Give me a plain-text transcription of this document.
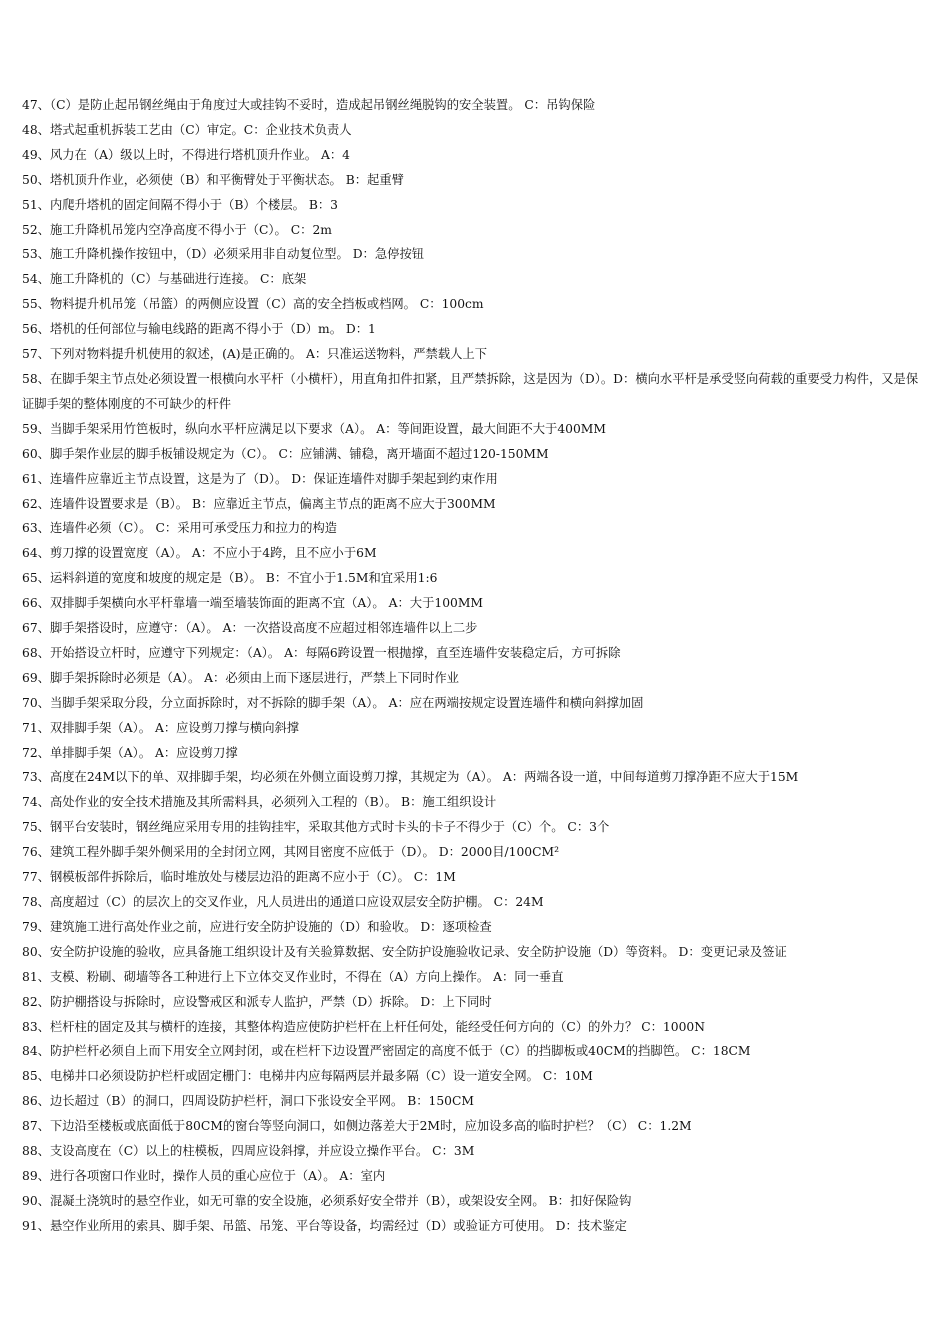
47、（C）是防止起吊钢丝绳由于角度过大或挂钩不妥时，造成起吊钢丝绳脱钩的安全装置。 C：吊钩保险

48、塔式起重机拆装工艺由（C）审定。C：企业技术负责人

49、风力在（A）级以上时，不得进行塔机顶升作业。 A：4

50、塔机顶升作业，必须使（B）和平衡臂处于平衡状态。 B：起重臂

51、内爬升塔机的固定间隔不得小于（B）个楼层。 B：3

52、施工升降机吊笼内空净高度不得小于（C）。 C：2m

53、施工升降机操作按钮中，（D）必须采用非自动复位型。 D：急停按钮

54、施工升降机的（C）与基础进行连接。 C：底架

55、物料提升机吊笼（吊篮）的两侧应设置（C）高的安全挡板或档网。 C：100cm

56、塔机的任何部位与输电线路的距离不得小于（D）m。 D：1

57、下列对物料提升机使用的叙述，(A)是正确的。 A：只准运送物料，严禁载人上下

58、在脚手架主节点处必须设置一根横向水平杆（小横杆），用直角扣件扣紧，且严禁拆除，这是因为（D）。D：横向水平杆是承受竖向荷载的重要受力构件，又是保证脚手架的整体刚度的不可缺少的杆件

59、当脚手架采用竹笆板时，纵向水平杆应满足以下要求（A）。 A：等间距设置，最大间距不大于400MM

60、脚手架作业层的脚手板铺设规定为（C）。 C：应铺满、铺稳，离开墙面不超过120-150MM

61、连墙件应靠近主节点设置，这是为了（D）。 D：保证连墙件对脚手架起到约束作用

62、连墙件设置要求是（B）。 B：应靠近主节点，偏离主节点的距离不应大于300MM

63、连墙件必须（C）。 C：采用可承受压力和拉力的构造

64、剪刀撑的设置宽度（A）。 A：不应小于4跨，且不应小于6M

65、运料斜道的宽度和坡度的规定是（B）。 B：不宜小于1.5M和宜采用1:6

66、双排脚手架横向水平杆靠墙一端至墙装饰面的距离不宜（A）。 A：大于100MM

67、脚手架搭设时，应遵守：（A）。 A：一次搭设高度不应超过相邻连墙件以上二步

68、开始搭设立杆时，应遵守下列规定：（A）。 A：每隔6跨设置一根抛撑，直至连墙件安装稳定后，方可拆除

69、脚手架拆除时必须是（A）。 A：必须由上而下逐层进行，严禁上下同时作业

70、当脚手架采取分段，分立面拆除时，对不拆除的脚手架（A）。 A：应在两端按规定设置连墙件和横向斜撑加固

71、双排脚手架（A）。 A：应设剪刀撑与横向斜撑

72、单排脚手架（A）。 A：应设剪刀撑

73、高度在24M以下的单、双排脚手架，均必须在外侧立面设剪刀撑，其规定为（A）。 A：两端各设一道，中间每道剪刀撑净距不应大于15M

74、高处作业的安全技术措施及其所需料具，必须列入工程的（B）。 B：施工组织设计

75、钢平台安装时，钢丝绳应采用专用的挂钩挂牢，采取其他方式时卡头的卡子不得少于（C）个。 C：3个

76、建筑工程外脚手架外侧采用的全封闭立网，其网目密度不应低于（D）。 D：2000目/100CM²

77、钢模板部件拆除后，临时堆放处与楼层边沿的距离不应小于（C）。 C：1M

78、高度超过（C）的层次上的交叉作业，凡人员进出的通道口应设双层安全防护棚。 C：24M

79、建筑施工进行高处作业之前，应进行安全防护设施的（D）和验收。 D：逐项检查

80、安全防护设施的验收，应具备施工组织设计及有关验算数据、安全防护设施验收记录、安全防护设施（D）等资料。 D：变更记录及签证

81、支模、粉刷、砌墙等各工种进行上下立体交叉作业时，不得在（A）方向上操作。 A：同一垂直

82、防护棚搭设与拆除时，应设警戒区和派专人监护，严禁（D）拆除。 D：上下同时

83、栏杆柱的固定及其与横杆的连接，其整体构造应使防护栏杆在上杆任何处，能经受任何方向的（C）的外力？ C：1000N

84、防护栏杆必须自上而下用安全立网封闭，或在栏杆下边设置严密固定的高度不低于（C）的挡脚板或40CM的挡脚笆。 C：18CM

85、电梯井口必须设防护栏杆或固定栅门：电梯井内应每隔两层并最多隔（C）设一道安全网。 C：10M

86、边长超过（B）的洞口，四周设防护栏杆，洞口下张设安全平网。 B：150CM

87、下边沿至楼板或底面低于80CM的窗台等竖向洞口，如侧边落差大于2M时，应加设多高的临时护栏？（C） C：1.2M

88、支设高度在（C）以上的柱模板，四周应设斜撑，并应设立操作平台。 C：3M

89、进行各项窗口作业时，操作人员的重心应位于（A）。 A：室内

90、混凝土浇筑时的悬空作业，如无可靠的安全设施，必须系好安全带并（B），或架设安全网。 B：扣好保险钩

91、悬空作业所用的索具、脚手架、吊篮、吊笼、平台等设备，均需经过（D）或验证方可使用。 D：技术鉴定
